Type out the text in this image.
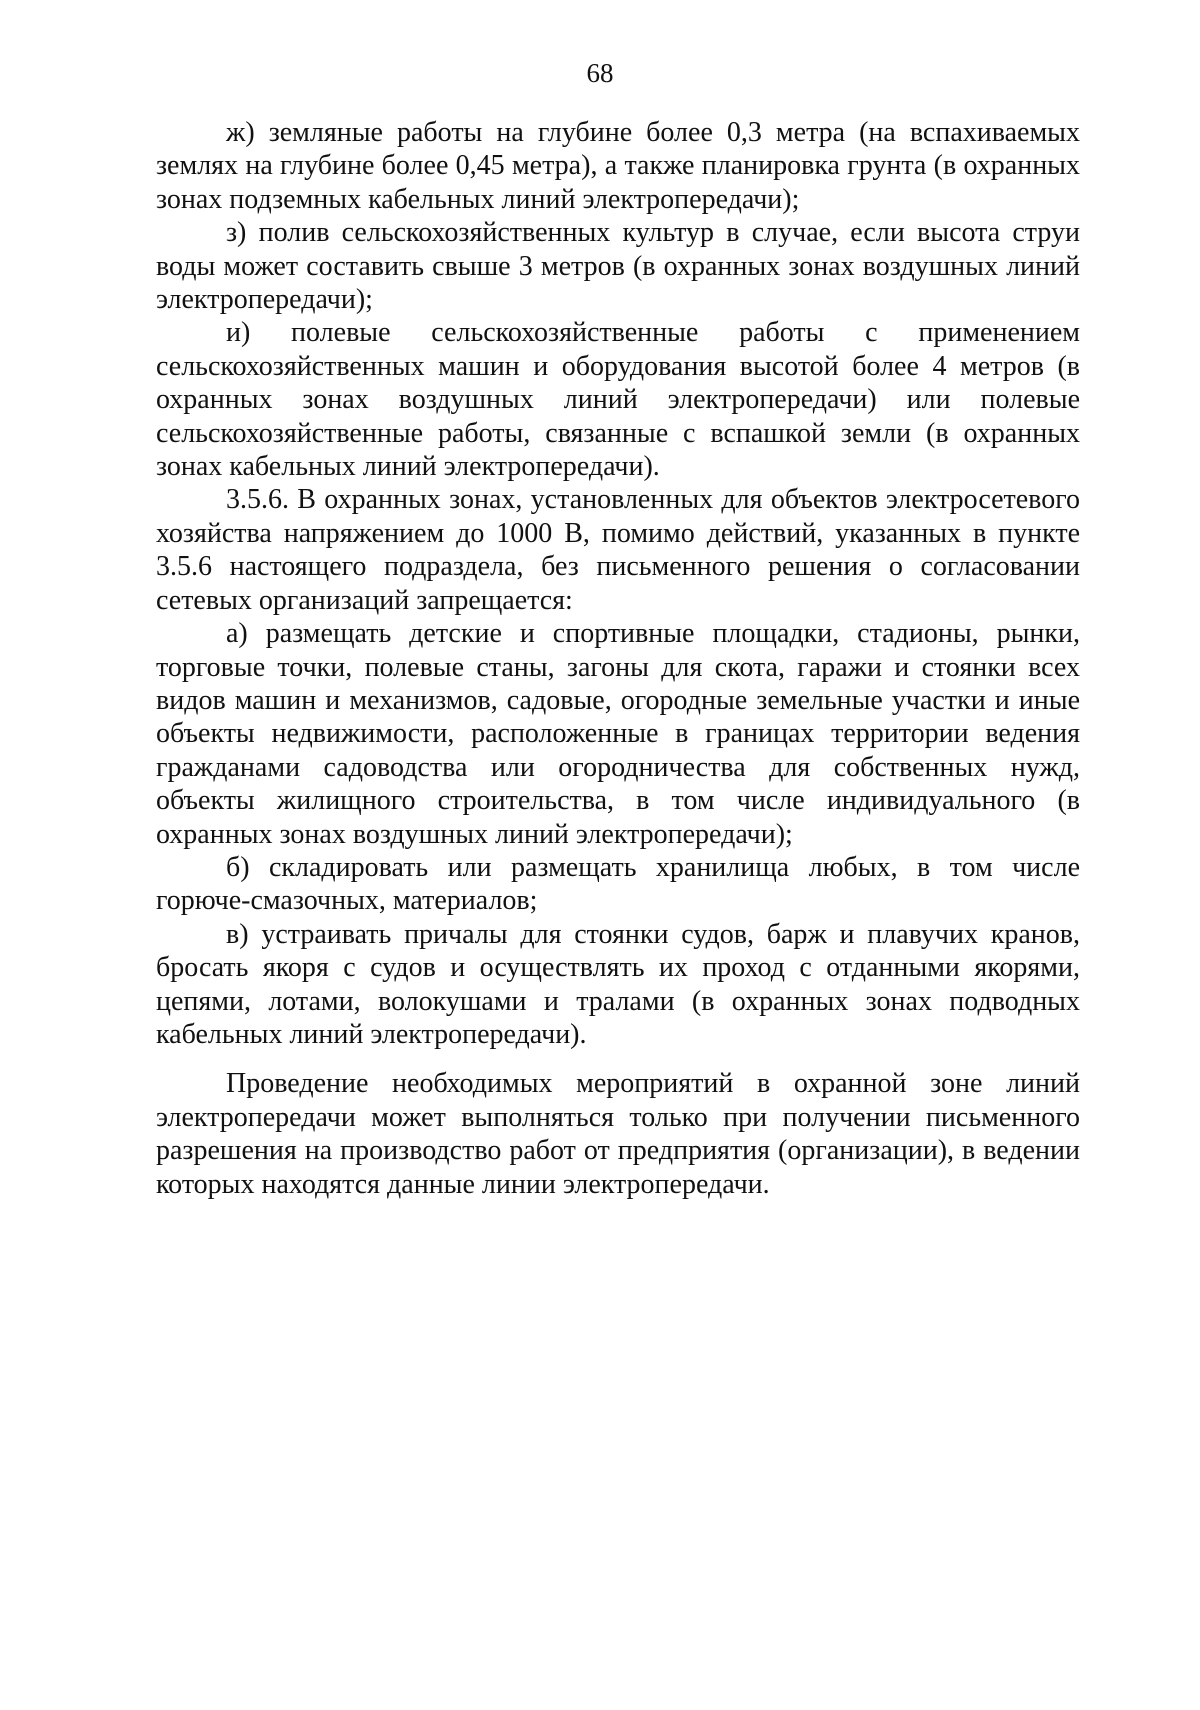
68

ж) земляные работы на глубине более 0,3 метра (на вспахиваемых землях на глубине более 0,45 метра), а также планировка грунта (в охранных зонах подземных кабельных линий электропередачи);

з) полив сельскохозяйственных культур в случае, если высота струи воды может составить свыше 3 метров (в охранных зонах воздушных линий электропередачи);

и) полевые сельскохозяйственные работы с применением сельскохозяйственных машин и оборудования высотой более 4 метров (в охранных зонах воздушных линий электропередачи) или полевые сельскохозяйственные работы, связанные с вспашкой земли (в охранных зонах кабельных линий электропередачи).

3.5.6. В охранных зонах, установленных для объектов электросетевого хозяйства напряжением до 1000 В, помимо действий, указанных в пункте 3.5.6 настоящего подраздела, без письменного решения о согласовании сетевых организаций запрещается:

а) размещать детские и спортивные площадки, стадионы, рынки, торговые точки, полевые станы, загоны для скота, гаражи и стоянки всех видов машин и механизмов, садовые, огородные земельные участки и иные объекты недвижимости, расположенные в границах территории ведения гражданами садоводства или огородничества для собственных нужд, объекты жилищного строительства, в том числе индивидуального (в охранных зонах воздушных линий электропередачи);

б) складировать или размещать хранилища любых, в том числе горюче-смазочных, материалов;

в) устраивать причалы для стоянки судов, барж и плавучих кранов, бросать якоря с судов и осуществлять их проход с отданными якорями, цепями, лотами, волокушами и тралами (в охранных зонах подводных кабельных линий электропередачи).

Проведение необходимых мероприятий в охранной зоне линий электропередачи может выполняться только при получении письменного разрешения на производство работ от предприятия (организации), в ведении которых находятся данные линии электропередачи.
